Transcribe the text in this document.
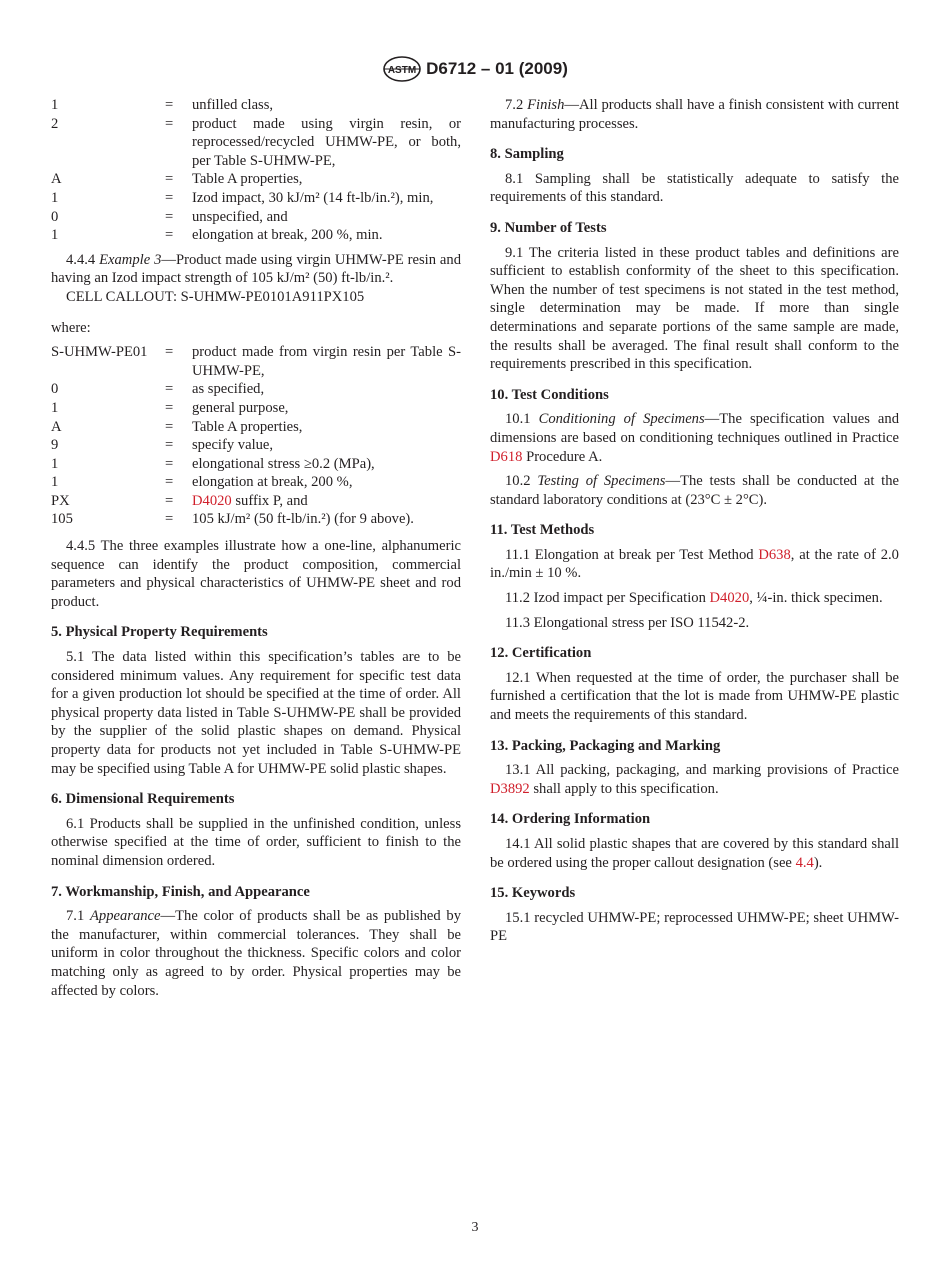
ASTM D6712 – 01 (2009)
1	=	unfilled class,
2	=	product made using virgin resin, or reprocessed/recycled UHMW-PE, or both, per Table S-UHMW-PE,
A	=	Table A properties,
1	=	Izod impact, 30 kJ/m² (14 ft-lb/in.²), min,
0	=	unspecified, and
1	=	elongation at break, 200 %, min.

4.4.4 Example 3—Product made using virgin UHMW-PE resin and having an Izod impact strength of 105 kJ/m² (50) ft-lb/in.².

CELL CALLOUT: S-UHMW-PE0101A911PX105

where:

S-UHMW-PE01	=	product made from virgin resin per Table S-UHMW-PE,
0	=	as specified,
1	=	general purpose,
A	=	Table A properties,
9	=	specify value,
1	=	elongational stress ≥0.2 (MPa),
1	=	elongation at break, 200 %,
PX	=	D4020 suffix P, and
105	=	105 kJ/m² (50 ft-lb/in.²) (for 9 above).

4.4.5 The three examples illustrate how a one-line, alphanumeric sequence can identify the product composition, commercial parameters and physical characteristics of UHMW-PE sheet and rod product.

5. Physical Property Requirements

5.1 The data listed within this specification’s tables are to be considered minimum values. Any requirement for specific test data for a given production lot should be specified at the time of order. All physical property data listed in Table S-UHMW-PE shall be provided by the supplier of the solid plastic shapes on demand. Physical property data for products not yet included in Table S-UHMW-PE may be specified using Table A for UHMW-PE solid plastic shapes.

6. Dimensional Requirements

6.1 Products shall be supplied in the unfinished condition, unless otherwise specified at the time of order, sufficient to finish to the nominal dimension ordered.

7. Workmanship, Finish, and Appearance

7.1 Appearance—The color of products shall be as published by the manufacturer, within commercial tolerances. They shall be uniform in color throughout the thickness. Specific colors and color matching only as agreed to by order. Physical properties may be affected by colors.

7.2 Finish—All products shall have a finish consistent with current manufacturing processes.

8. Sampling

8.1 Sampling shall be statistically adequate to satisfy the requirements of this standard.

9. Number of Tests

9.1 The criteria listed in these product tables and definitions are sufficient to establish conformity of the sheet to this specification. When the number of test specimens is not stated in the test method, single determination may be made. If more than single determinations and separate portions of the same sample are made, the results shall be averaged. The final result shall conform to the requirements prescribed in this specification.

10. Test Conditions

10.1 Conditioning of Specimens—The specification values and dimensions are based on conditioning techniques outlined in Practice D618 Procedure A.

10.2 Testing of Specimens—The tests shall be conducted at the standard laboratory conditions at (23°C ± 2°C).

11. Test Methods

11.1 Elongation at break per Test Method D638, at the rate of 2.0 in./min ± 10 %.

11.2 Izod impact per Specification D4020, ¼-in. thick specimen.

11.3 Elongational stress per ISO 11542-2.

12. Certification

12.1 When requested at the time of order, the purchaser shall be furnished a certification that the lot is made from UHMW-PE plastic and meets the requirements of this standard.

13. Packing, Packaging and Marking

13.1 All packing, packaging, and marking provisions of Practice D3892 shall apply to this specification.

14. Ordering Information

14.1 All solid plastic shapes that are covered by this standard shall be ordered using the proper callout designation (see 4.4).

15. Keywords

15.1 recycled UHMW-PE; reprocessed UHMW-PE; sheet UHMW-PE

3
